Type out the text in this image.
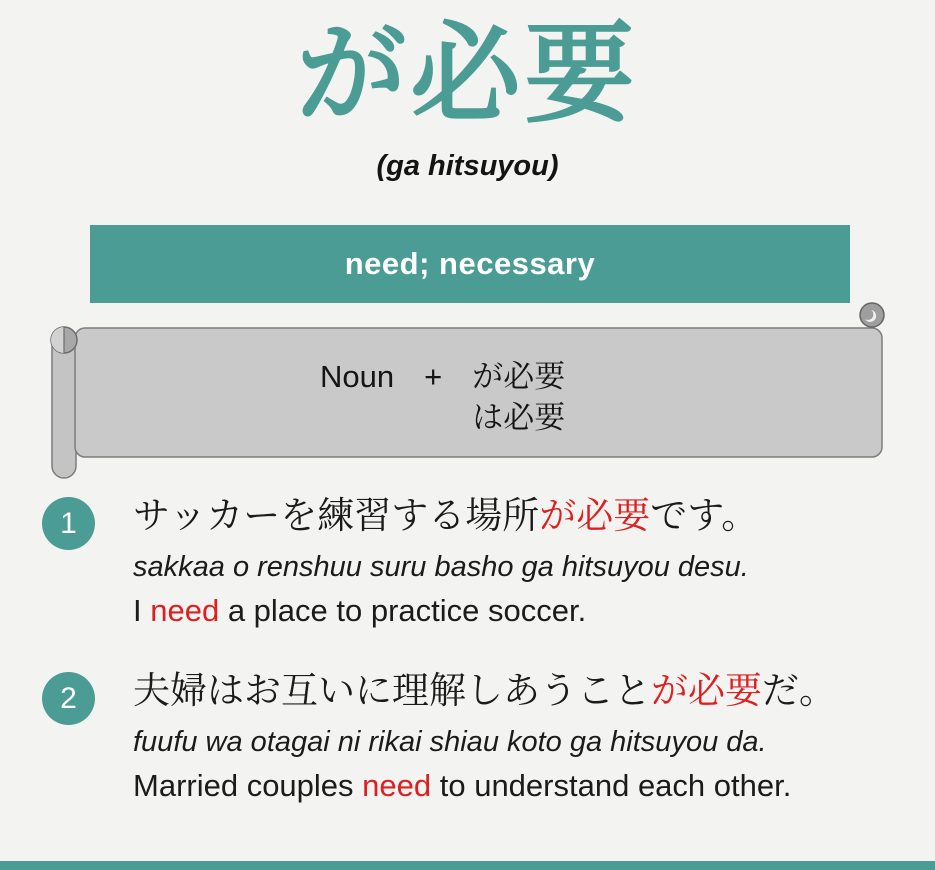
が必要
(ga hitsuyou)
need; necessary
Noun + が必要
は必要
1 サッカーを練習する場所が必要です。
sakkaa o renshuu suru basho ga hitsuyou desu.
I need a place to practice soccer.
2 夫婦はお互いに理解しあうことが必要だ。
fuufu wa otagai ni rikai shiau koto ga hitsuyou da.
Married couples need to understand each other.
